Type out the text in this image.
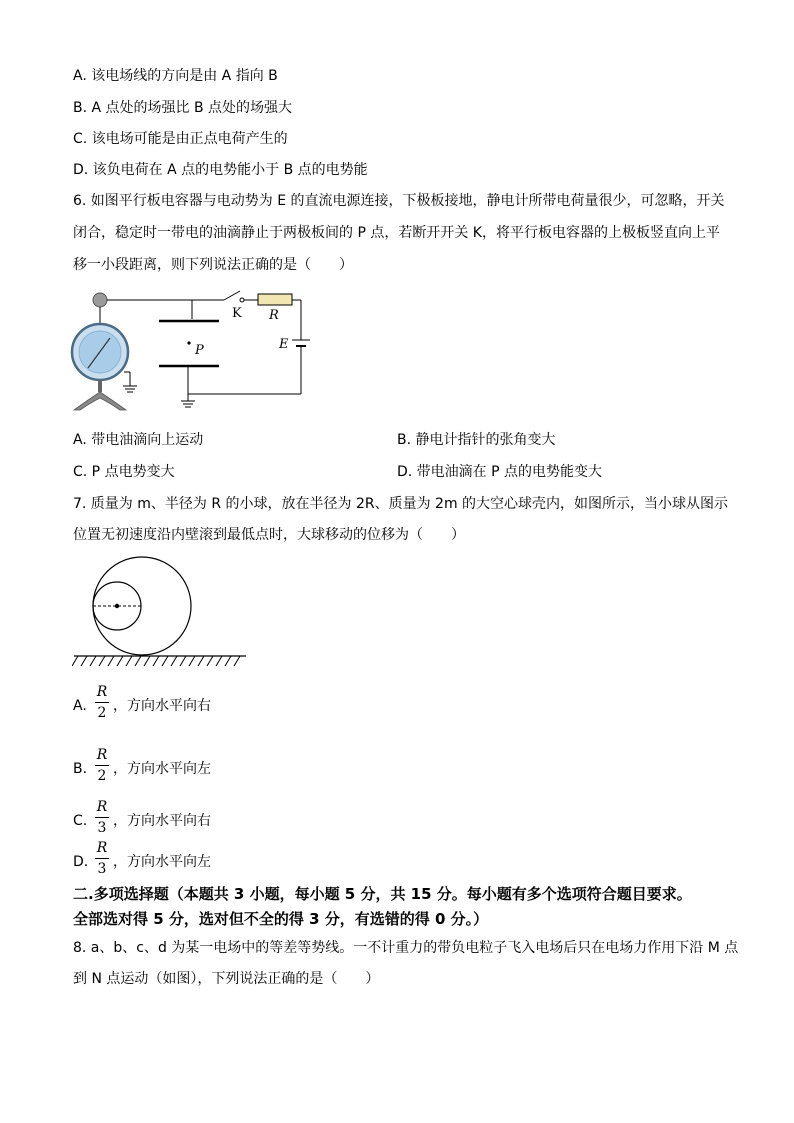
A. 该电场线的方向是由 A 指向 B
B. A 点处的场强比 B 点处的场强大
C. 该电场可能是由正点电荷产生的
D. 该负电荷在 A 点的电势能小于 B 点的电势能
6. 如图平行板电容器与电动势为 E 的直流电源连接，下极板接地，静电计所带电荷量很少，可忽略，开关
闭合，稳定时一带电的油滴静止于两极板间的 P 点，若断开开关 K，将平行板电容器的上极板竖直向上平
移一小段距离，则下列说法正确的是（　　）
K R
E
P
A. 带电油滴向上运动	B. 静电计指针的张角变大
C. P 点电势变大	D. 带电油滴在 P 点的电势能变大
7. 质量为 m、半径为 R 的小球，放在半径为 2R、质量为 2m 的大空心球壳内，如图所示，当小球从图示
位置无初速度沿内壁滚到最低点时，大球移动的位移为（　　）
A.
R
2 ，方向水平向右
B.
R
2 ，方向水平向左
C.
R
3 ，方向水平向右
D.
R
3 ，方向水平向左
二.多项选择题（本题共 3 小题，每小题 5 分，共 15 分。每小题有多个选项符合题目要求。
全部选对得 5 分，选对但不全的得 3 分，有选错的得 0 分。）
8. a、b、c、d 为某一电场中的等差等势线。一不计重力的带负电粒子飞入电场后只在电场力作用下沿 M 点
到 N 点运动（如图），下列说法正确的是（　　）
